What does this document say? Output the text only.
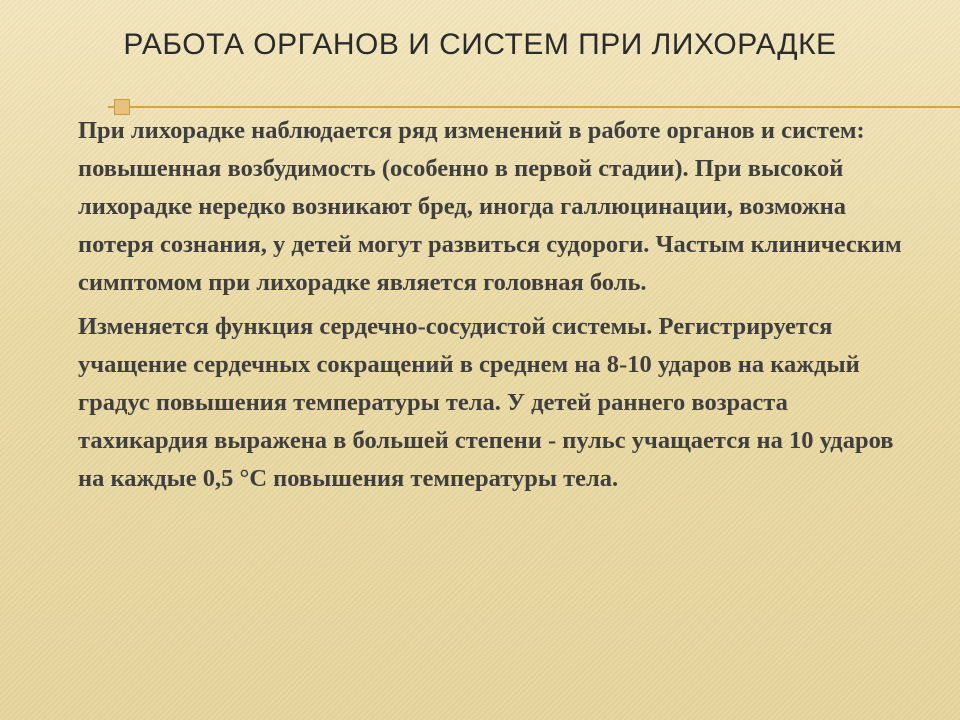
РАБОТА ОРГАНОВ И СИСТЕМ ПРИ ЛИХОРАДКЕ

При лихорадке наблюдается ряд изменений в работе органов и систем: повышенная возбудимость (особенно в первой стадии). При высокой лихорадке нередко возникают бред, иногда галлюцинации, возможна потеря сознания, у детей могут развиться судороги. Частым клиническим симптомом при лихорадке является головная боль.

Изменяется функция сердечно-сосудистой системы. Регистрируется учащение сердечных сокращений в среднем на 8-10 ударов на каждый градус повышения температуры тела. У детей раннего возраста тахикардия выражена в большей степени - пульс учащается на 10 ударов на каждые 0,5 °С повышения температуры тела.
